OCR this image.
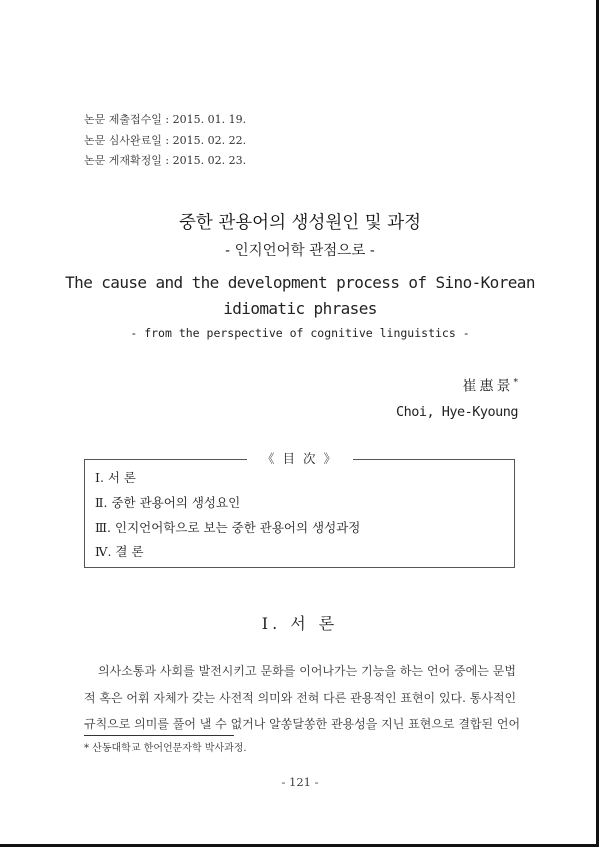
논문 제출접수일 : 2015. 01. 19.
논문 심사완료일 : 2015. 02. 22.
논문 게재확정일 : 2015. 02. 23.
중한 관용어의 생성원인 및 과정
- 인지언어학 관점으로 -
The cause and the development process of Sino-Korean
idiomatic phrases
- from the perspective of cognitive linguistics -
崔惠景*
Choi, Hye-Kyoung
《 目 次 》
Ⅰ. 서 론
Ⅱ. 중한 관용어의 생성요인
Ⅲ. 인지언어학으로 보는 중한 관용어의 생성과정
Ⅳ. 결 론
Ⅰ. 서 론
의사소통과 사회를 발전시키고 문화를 이어나가는 기능을 하는 언어 중에는 문법
적 혹은 어휘 자체가 갖는 사전적 의미와 전혀 다른 관용적인 표현이 있다. 통사적인
규칙으로 의미를 풀어 낼 수 없거나 알쏭달쏭한 관용성을 지닌 표현으로 결합된 언어
* 산동대학교 한어언문자학 박사과정.
- 121 -
